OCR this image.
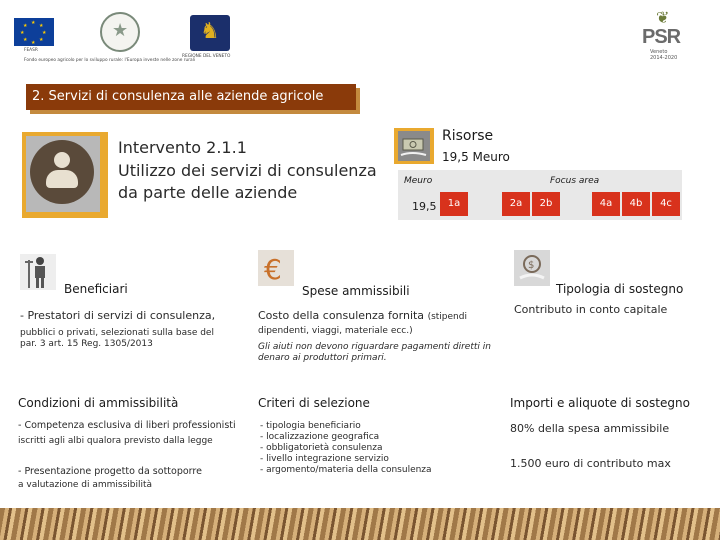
★ ★
★
★
★
★
★
★
FEASR
★
♞
REGIONE DEL VENETO
Fondo europeo agricolo per lo sviluppo rurale: l'Europa investe nelle zone rurali
❦
PSR
Veneto
2014-2020
2. Servizi di consulenza alle aziende agricole
Intervento 2.1.1
Utilizzo dei servizi di consulenza da parte delle aziende
Risorse
19,5 Meuro
Meuro	Focus area
19,5	1a	2a	2b	4a	4b	4c
Beneficiari
- Prestatori di servizi di consulenza,
pubblici o privati, selezionati sulla base del par. 3 art. 15 Reg. 1305/2013
€
Spese ammissibili
Costo della consulenza fornita (stipendi
dipendenti, viaggi, materiale ecc.)
Gli aiuti non devono riguardare pagamenti diretti in denaro ai produttori primari.
$
Tipologia di sostegno
Contributo in conto capitale
Condizioni di ammissibilità
- Competenza esclusiva di liberi professionisti
iscritti agli albi qualora previsto dalla legge
- Presentazione progetto da sottoporre
a valutazione di ammissibilità
Criteri di selezione
- tipologia beneficiario
- localizzazione geografica
- obbligatorietà consulenza
- livello integrazione servizio
- argomento/materia della consulenza
Importi e aliquote di sostegno
80% della spesa ammissibile
1.500 euro di contributo max
